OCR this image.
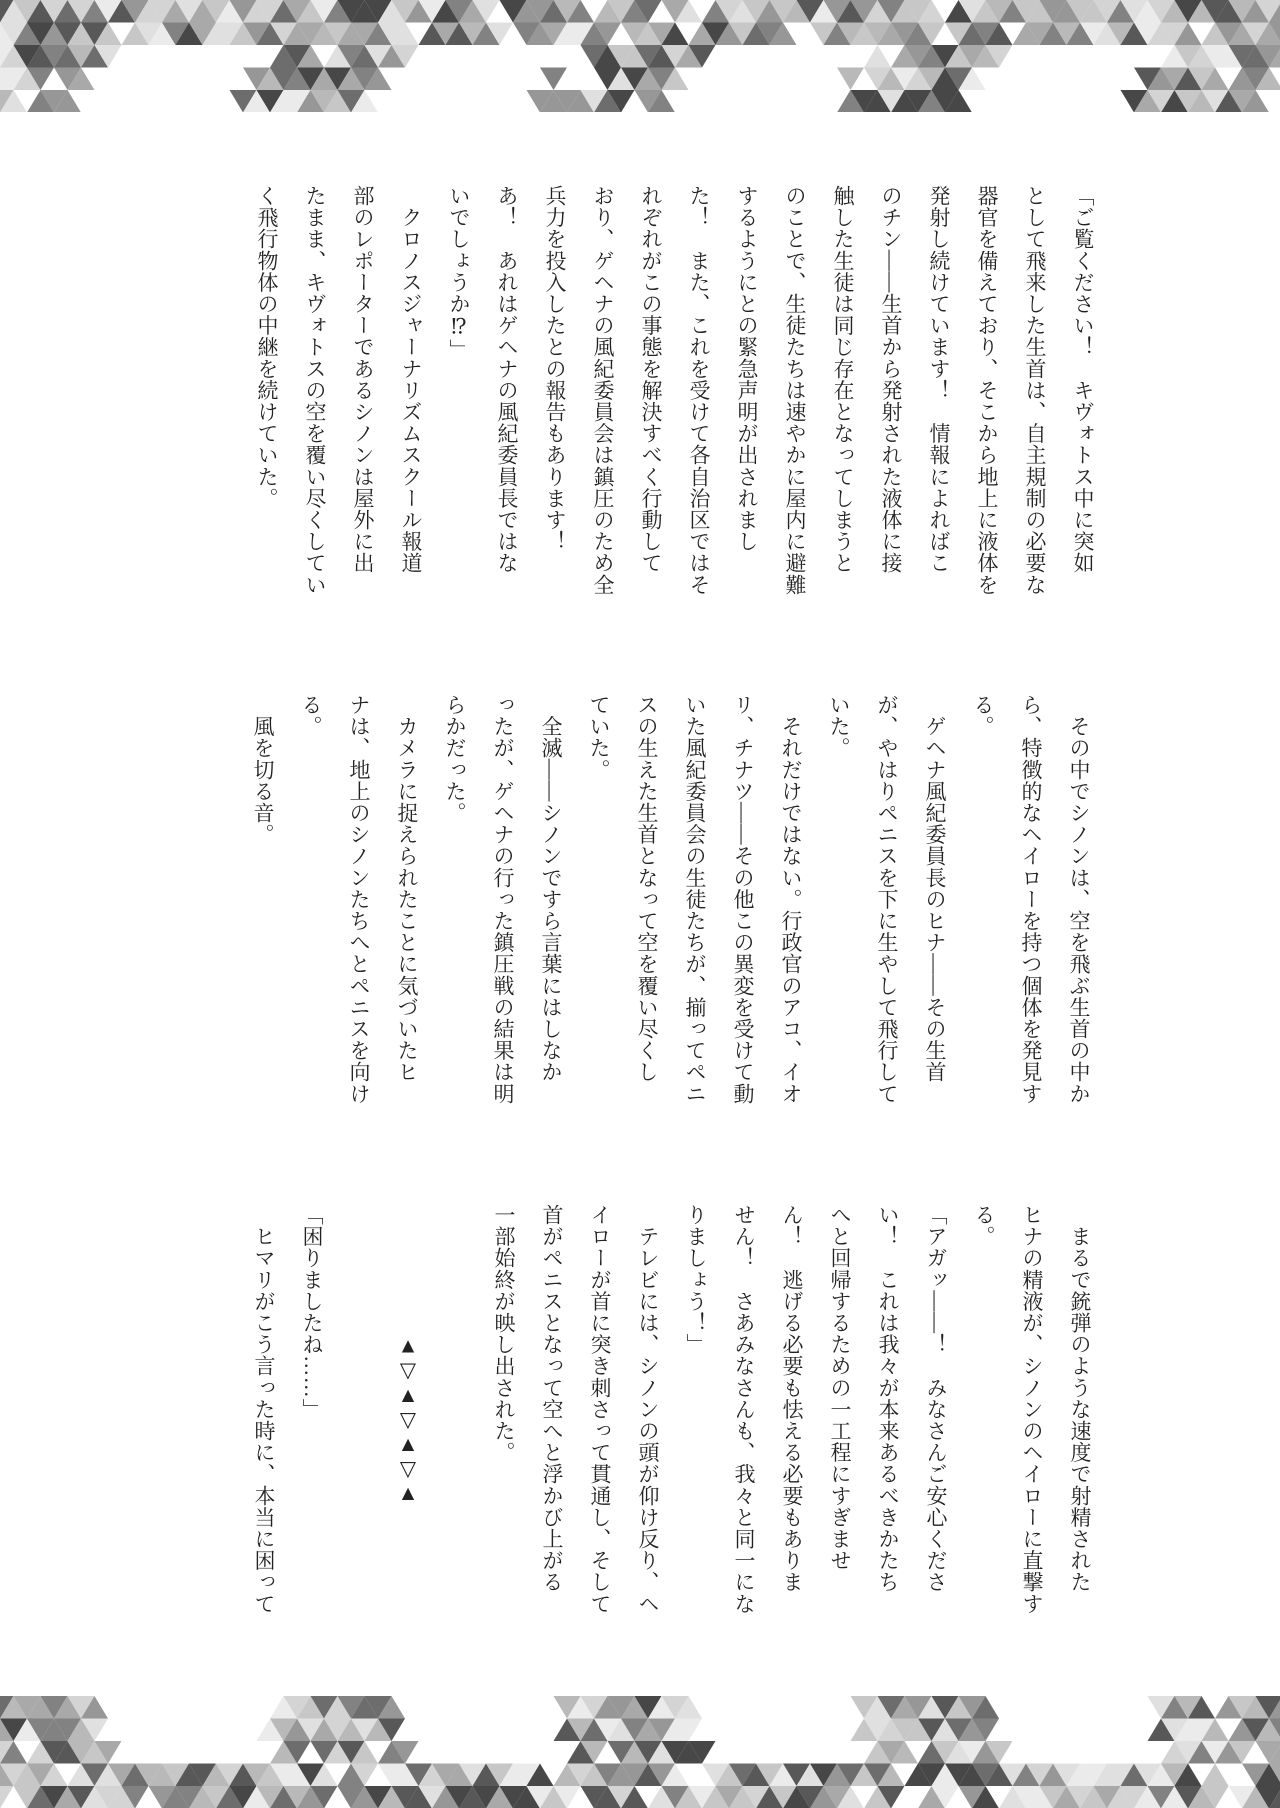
「ご覧ください！　キヴォトス中に突如

として飛来した生首は、自主規制の必要な

器官を備えており、そこから地上に液体を

発射し続けています！　情報によればこ

のチン――生首から発射された液体に接

触した生徒は同じ存在となってしまうと

のことで、生徒たちは速やかに屋内に避難

するようにとの緊急声明が出されまし

た！　また、これを受けて各自治区ではそ

れぞれがこの事態を解決すべく行動して

おり、ゲヘナの風紀委員会は鎮圧のため全

兵力を投入したとの報告もあります！

あ！　あれはゲヘナの風紀委員長ではな

いでしょうか⁉」

　クロノスジャーナリズムスクール報道

部のレポーターであるシノンは屋外に出

たまま、キヴォトスの空を覆い尽くしてい

く飛行物体の中継を続けていた。

　その中でシノンは、空を飛ぶ生首の中か

ら、特徴的なヘイローを持つ個体を発見す

る。

　ゲヘナ風紀委員長のヒナ――その生首

が、やはりペニスを下に生やして飛行して

いた。

　それだけではない。行政官のアコ、イオ

リ、チナツ――その他この異変を受けて動

いた風紀委員会の生徒たちが、揃ってペニ

スの生えた生首となって空を覆い尽くし

ていた。

　全滅――シノンですら言葉にはしなか

ったが、ゲヘナの行った鎮圧戦の結果は明

らかだった。

　カメラに捉えられたことに気づいたヒ

ナは、地上のシノンたちへとペニスを向け

る。

　風を切る音。

　まるで銃弾のような速度で射精された

ヒナの精液が、シノンのヘイローに直撃す

る。

「アガッ――！　みなさんご安心くださ

い！　これは我々が本来あるべきかたち

へと回帰するための一工程にすぎませ

ん！　逃げる必要も怯える必要もありま

せん！　さあみなさんも、我々と同一にな

りましょう！」

　テレビには、シノンの頭が仰け反り、ヘ

イローが首に突き刺さって貫通し、そして

首がペニスとなって空へと浮かび上がる

一部始終が映し出された。

　　　　　　▲▽▲▽▲▽▲

「困りましたね……」

　ヒマリがこう言った時に、本当に困って
